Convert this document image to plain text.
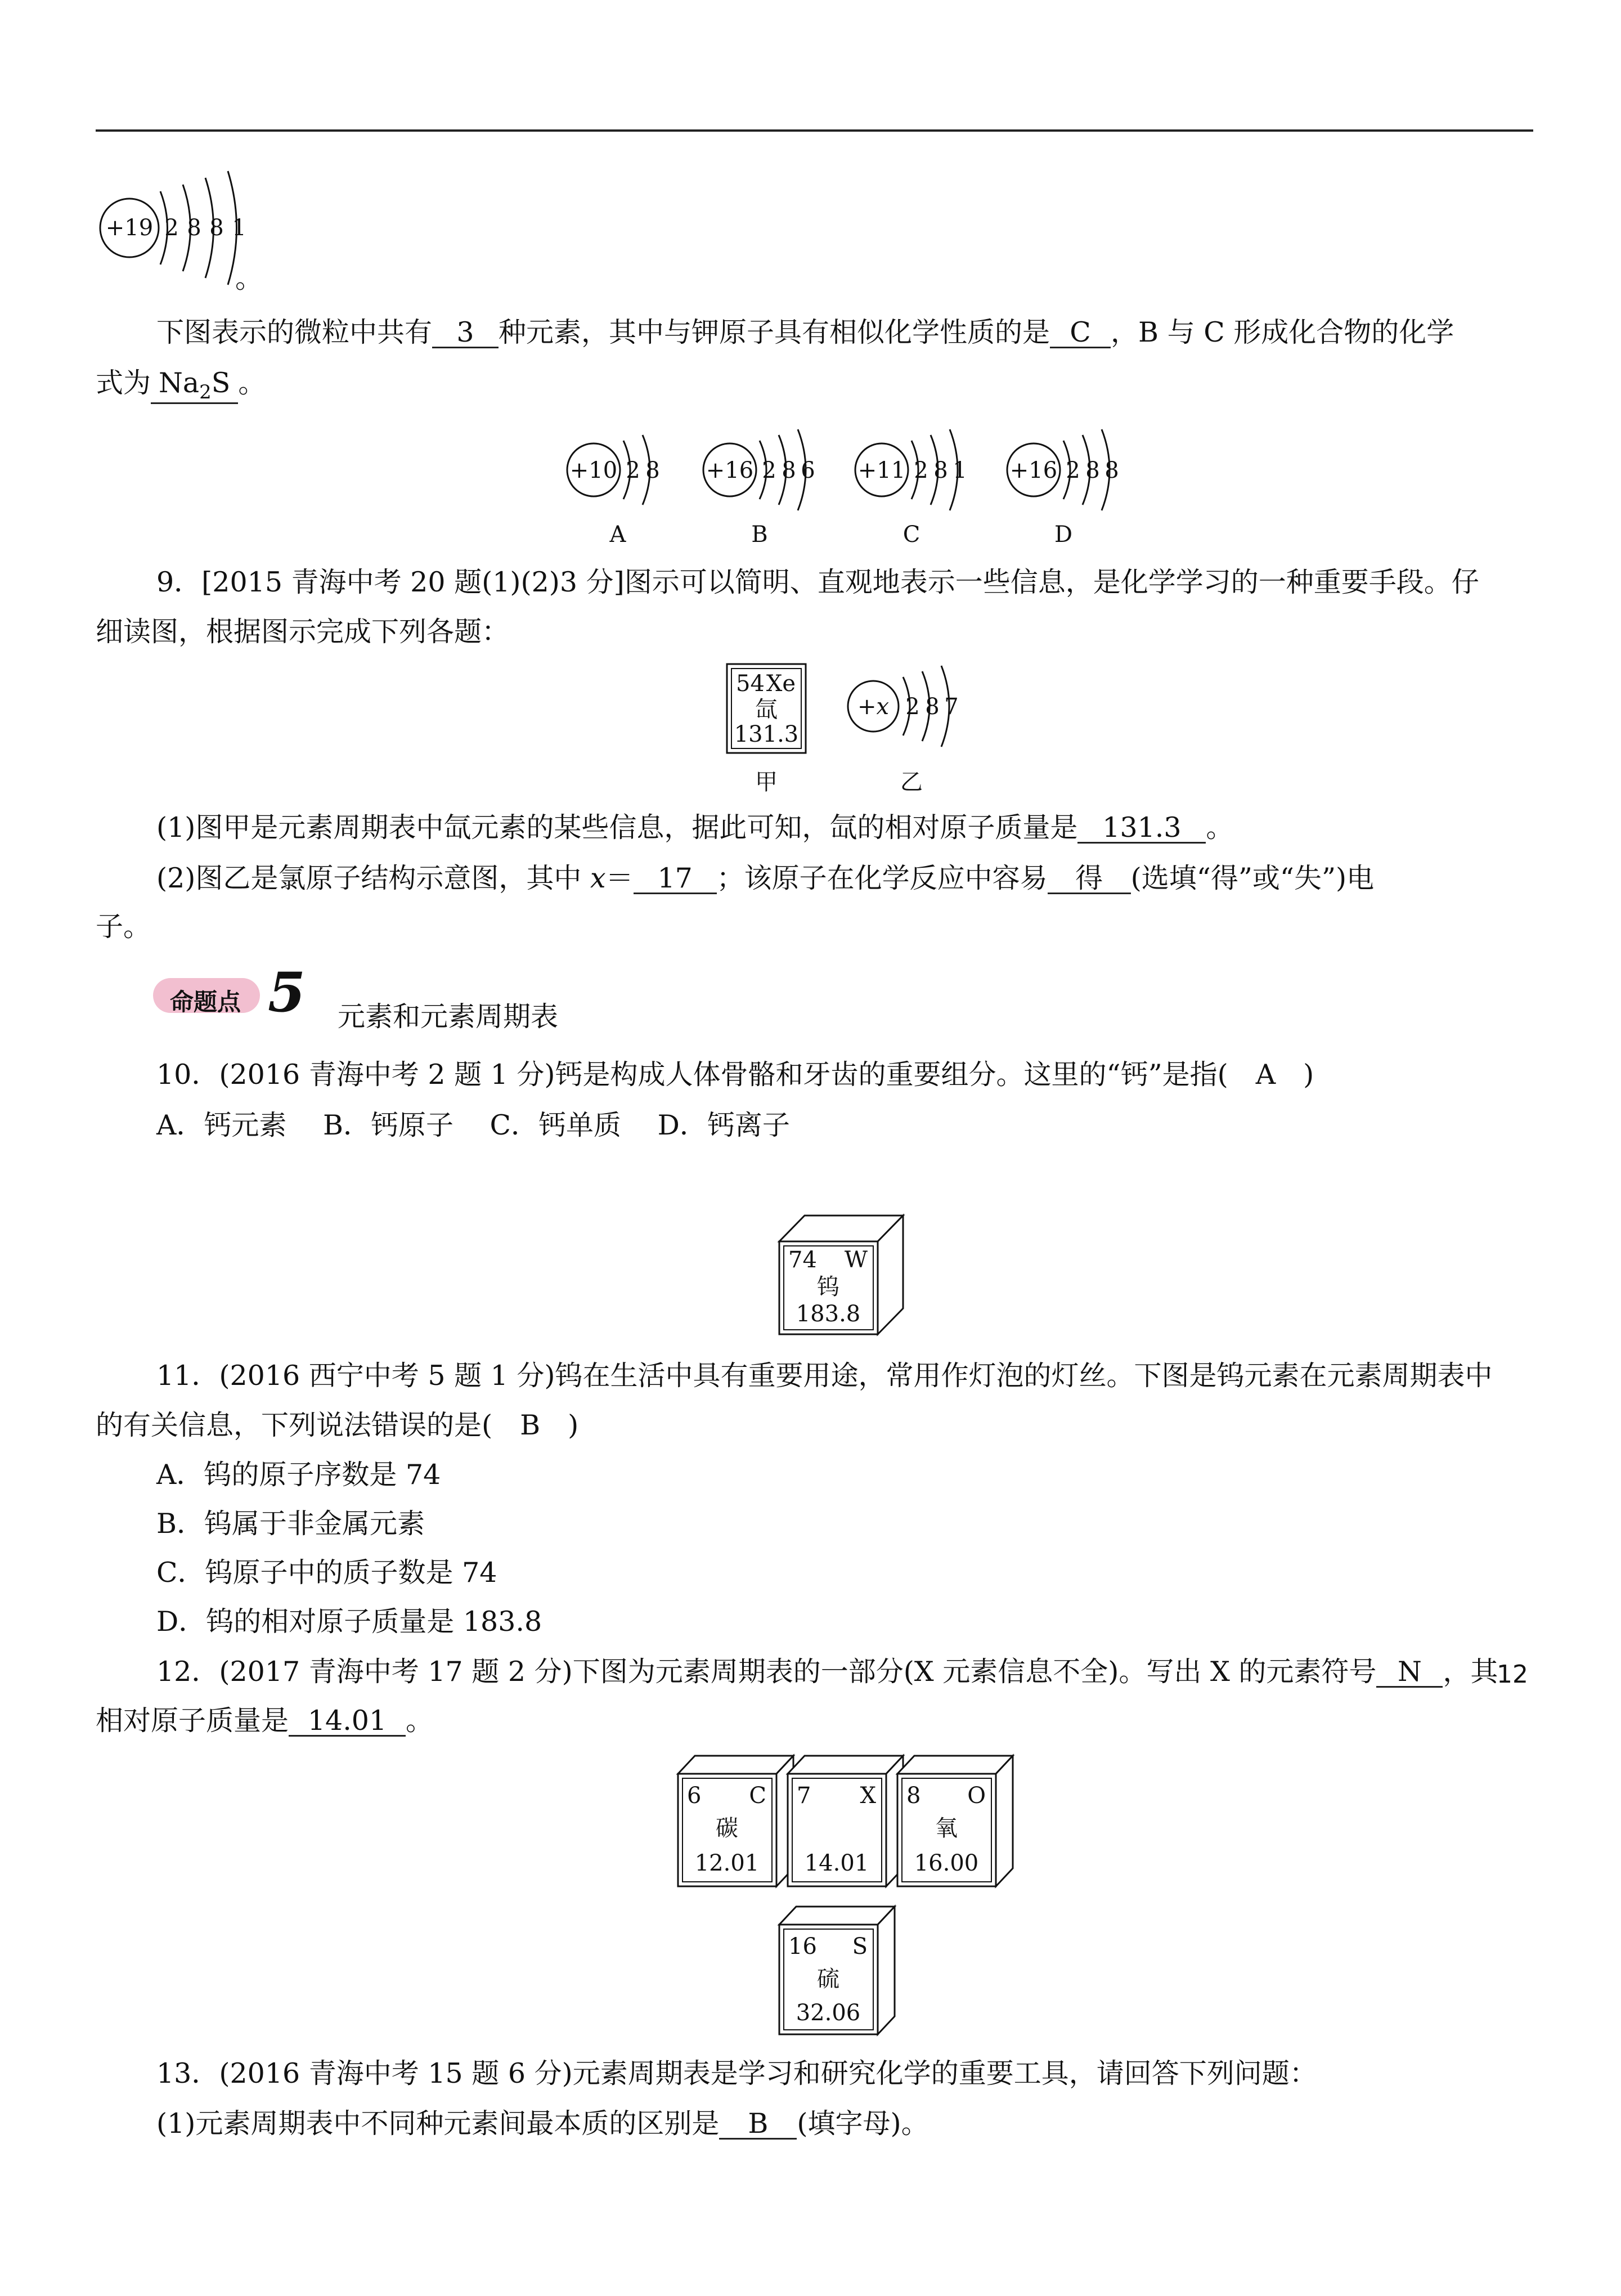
+19 2 8 8 1
。
下图表示的微粒中共有 3 种元素，其中与钾原子具有相似化学性质的是 C ，B 与 C 形成化合物的化学
式为 $Na_2S$ 。
+10 2 8
A
+16 2 8 6
B
+11 2 8 1
C
+16 2 8 8
D
9．[2015 青海中考 20 题(1)(2)3 分]图示可以简明、直观地表示一些信息，是化学学习的一种重要手段。仔
细读图，根据图示完成下列各题：
54 Xe
氙
131.3
甲
+x 2 8 7
乙
(1)图甲是元素周期表中氙元素的某些信息，据此可知，氙的相对原子质量是 131.3 。
(2)图乙是氯原子结构示意图，其中 x＝ 17 ；该原子在化学反应中容易 得 (选填“得”或“失”)电
子。
命题点 5 元素和元素周期表
10．(2016 青海中考 2 题 1 分)钙是构成人体骨骼和牙齿的重要组分。这里的“钙”是指(　A　)
A．钙元素　 B．钙原子　 C．钙单质　 D．钙离子
74 W
钨
183.8
11．(2016 西宁中考 5 题 1 分)钨在生活中具有重要用途，常用作灯泡的灯丝。下图是钨元素在元素周期表中
的有关信息，下列说法错误的是(　B　)
A．钨的原子序数是 74
B．钨属于非金属元素
C．钨原子中的质子数是 74
D．钨的相对原子质量是 183.8
12．(2017 青海中考 17 题 2 分)下图为元素周期表的一部分(X 元素信息不全)。写出 X 的元素符号 N ，其
相对原子质量是 14.01 。
6 C
碳
12.01
7 X
14.01
8 O
氧
16.00
16 S
硫
32.06
13．(2016 青海中考 15 题 6 分)元素周期表是学习和研究化学的重要工具，请回答下列问题：
(1)元素周期表中不同种元素间最本质的区别是 B (填字母)。
12
